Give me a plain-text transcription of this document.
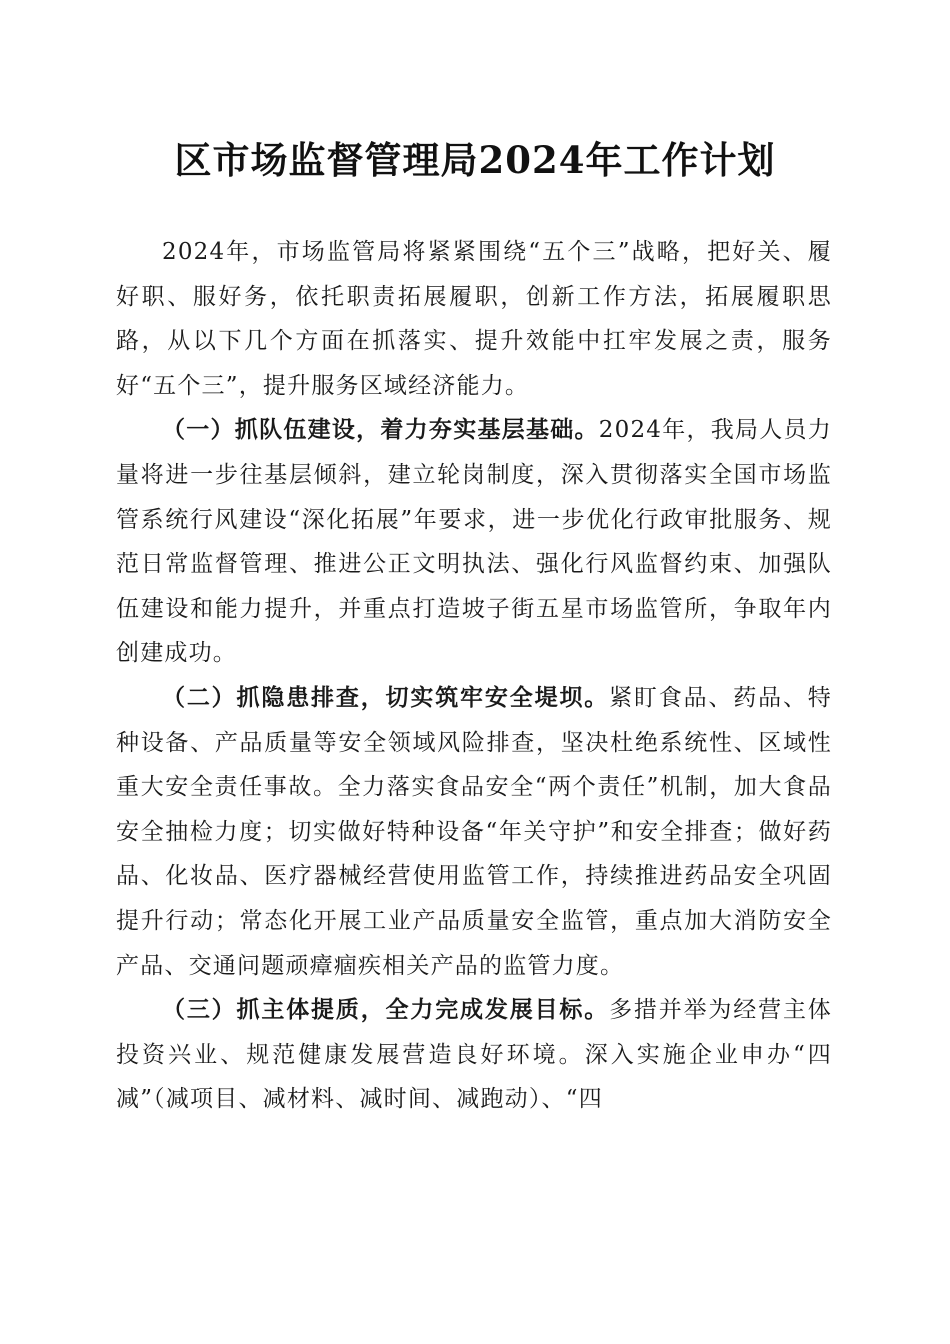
区市场监督管理局2024年工作计划

2024年，市场监管局将紧紧围绕“五个三”战略，把好关、履好职、服好务，依托职责拓展履职，创新工作方法，拓展履职思路，从以下几个方面在抓落实、提升效能中扛牢发展之责，服务好“五个三”，提升服务区域经济能力。

（一）抓队伍建设，着力夯实基层基础。2024年，我局人员力量将进一步往基层倾斜，建立轮岗制度，深入贯彻落实全国市场监管系统行风建设“深化拓展”年要求，进一步优化行政审批服务、规范日常监督管理、推进公正文明执法、强化行风监督约束、加强队伍建设和能力提升，并重点打造坡子街五星市场监管所，争取年内创建成功。

（二）抓隐患排查，切实筑牢安全堤坝。紧盯食品、药品、特种设备、产品质量等安全领域风险排查，坚决杜绝系统性、区域性重大安全责任事故。全力落实食品安全“两个责任”机制，加大食品安全抽检力度；切实做好特种设备“年关守护”和安全排查；做好药品、化妆品、医疗器械经营使用监管工作，持续推进药品安全巩固提升行动；常态化开展工业产品质量安全监管，重点加大消防安全产品、交通问题顽瘴痼疾相关产品的监管力度。

（三）抓主体提质，全力完成发展目标。多措并举为经营主体投资兴业、规范健康发展营造良好环境。深入实施企业申办“四减”（减项目、减材料、减时间、减跑动）、“四
